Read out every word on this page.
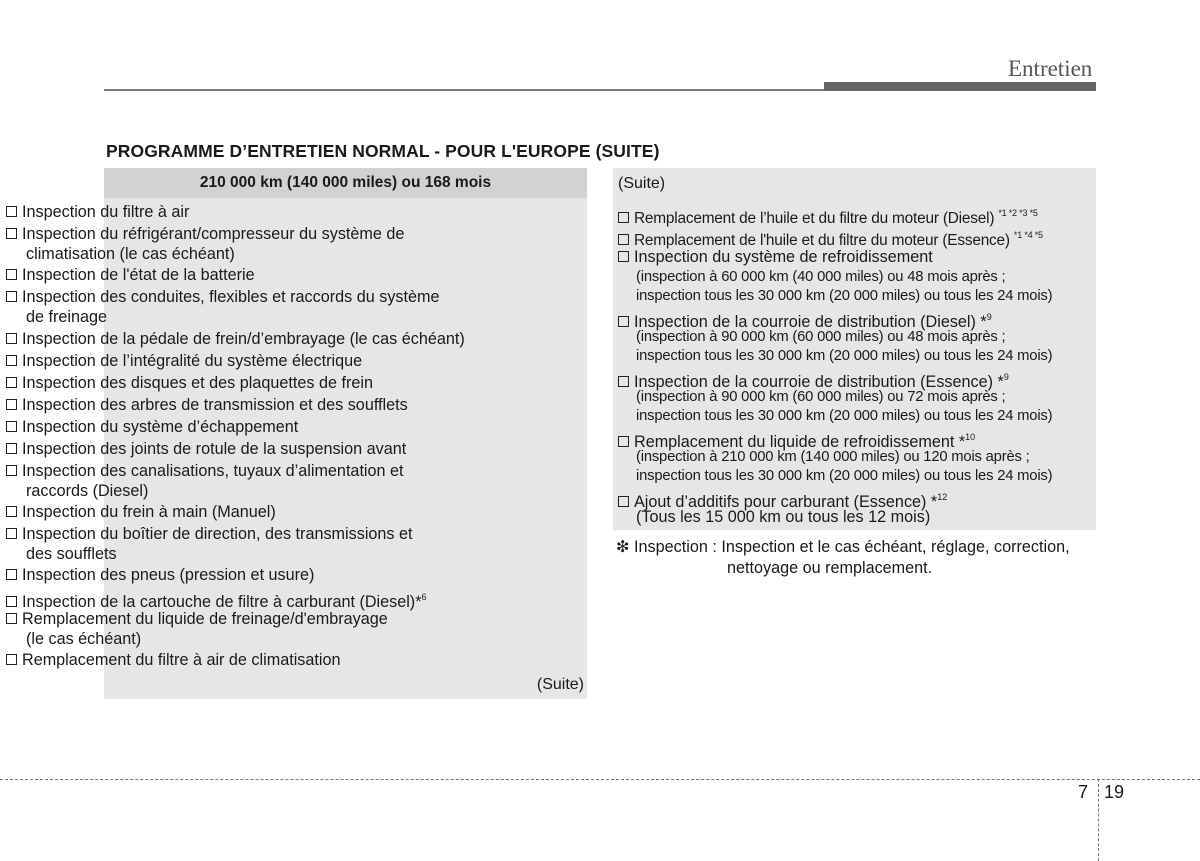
Entretien
PROGRAMME D’ENTRETIEN NORMAL - POUR L'EUROPE (SUITE)
210 000 km (140 000 miles) ou 168 mois
(Suite)
Inspection du filtre à air
Inspection du réfrigérant/compresseur du système de
climatisation (le cas échéant)
Inspection de l'état de la batterie
Inspection des conduites, flexibles et raccords du système
de freinage
Inspection de la pédale de frein/d’embrayage (le cas échéant)
Inspection de l’intégralité du système électrique
Inspection des disques et des plaquettes de frein
Inspection des arbres de transmission et des soufflets
Inspection du système d’échappement
Inspection des joints de rotule de la suspension avant
Inspection des canalisations, tuyaux d’alimentation et
raccords (Diesel)
Inspection du frein à main (Manuel)
Inspection du boîtier de direction, des transmissions et
des soufflets
Inspection des pneus (pression et usure)
Inspection de la cartouche de filtre à carburant (Diesel)*$^6$
Remplacement du liquide de freinage/d'embrayage
(le cas échéant)
Remplacement du filtre à air de climatisation
(Suite)
Remplacement de l’huile et du filtre du moteur (Diesel) $^{*1 *2 *3 *5}$
Remplacement de l'huile et du filtre du moteur (Essence) $^{*1 *4 *5}$
Inspection du système de refroidissement
(inspection à 60 000 km (40 000 miles) ou 48 mois après ;
inspection tous les 30 000 km (20 000 miles) ou tous les 24 mois)
Inspection de la courroie de distribution (Diesel) *$^9$
(inspection à 90 000 km (60 000 miles) ou 48 mois après ;
inspection tous les 30 000 km (20 000 miles) ou tous les 24 mois)
Inspection de la courroie de distribution (Essence) *$^9$
(inspection à 90 000 km (60 000 miles) ou 72 mois après ;
inspection tous les 30 000 km (20 000 miles) ou tous les 24 mois)
Remplacement du liquide de refroidissement *$^{10}$
(inspection à 210 000 km (140 000 miles) ou 120 mois après ;
inspection tous les 30 000 km (20 000 miles) ou tous les 24 mois)
Ajout d’additifs pour carburant (Essence) *$^{12}$
(Tous les 15 000 km ou tous les 12 mois)
❇ Inspection : Inspection et le cas échéant, réglage, correction,
nettoyage ou remplacement.
7 19
